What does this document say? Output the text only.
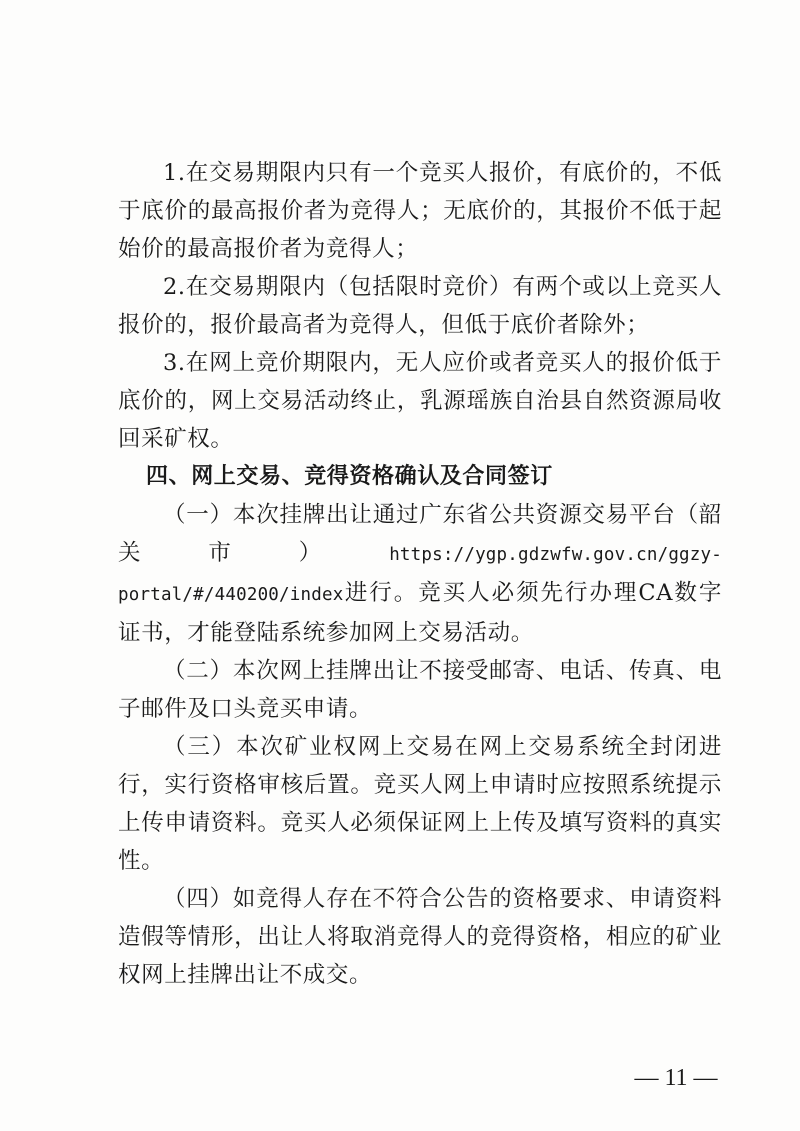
1.在交易期限内只有一个竞买人报价，有底价的，不低于底价的最高报价者为竞得人；无底价的，其报价不低于起始价的最高报价者为竞得人；

2.在交易期限内（包括限时竞价）有两个或以上竞买人报价的，报价最高者为竞得人，但低于底价者除外；

3.在网上竞价期限内，无人应价或者竞买人的报价低于底价的，网上交易活动终止，乳源瑶族自治县自然资源局收回采矿权。

四、网上交易、竞得资格确认及合同签订

（一）本次挂牌出让通过广东省公共资源交易平台（韶关市）https://ygp.gdzwfw.gov.cn/ggzy-portal/#/440200/index进行。竞买人必须先行办理CA数字证书，才能登陆系统参加网上交易活动。

（二）本次网上挂牌出让不接受邮寄、电话、传真、电子邮件及口头竞买申请。

（三）本次矿业权网上交易在网上交易系统全封闭进行，实行资格审核后置。竞买人网上申请时应按照系统提示上传申请资料。竞买人必须保证网上上传及填写资料的真实性。

（四）如竞得人存在不符合公告的资格要求、申请资料造假等情形，出让人将取消竞得人的竞得资格，相应的矿业权网上挂牌出让不成交。

— 11 —
